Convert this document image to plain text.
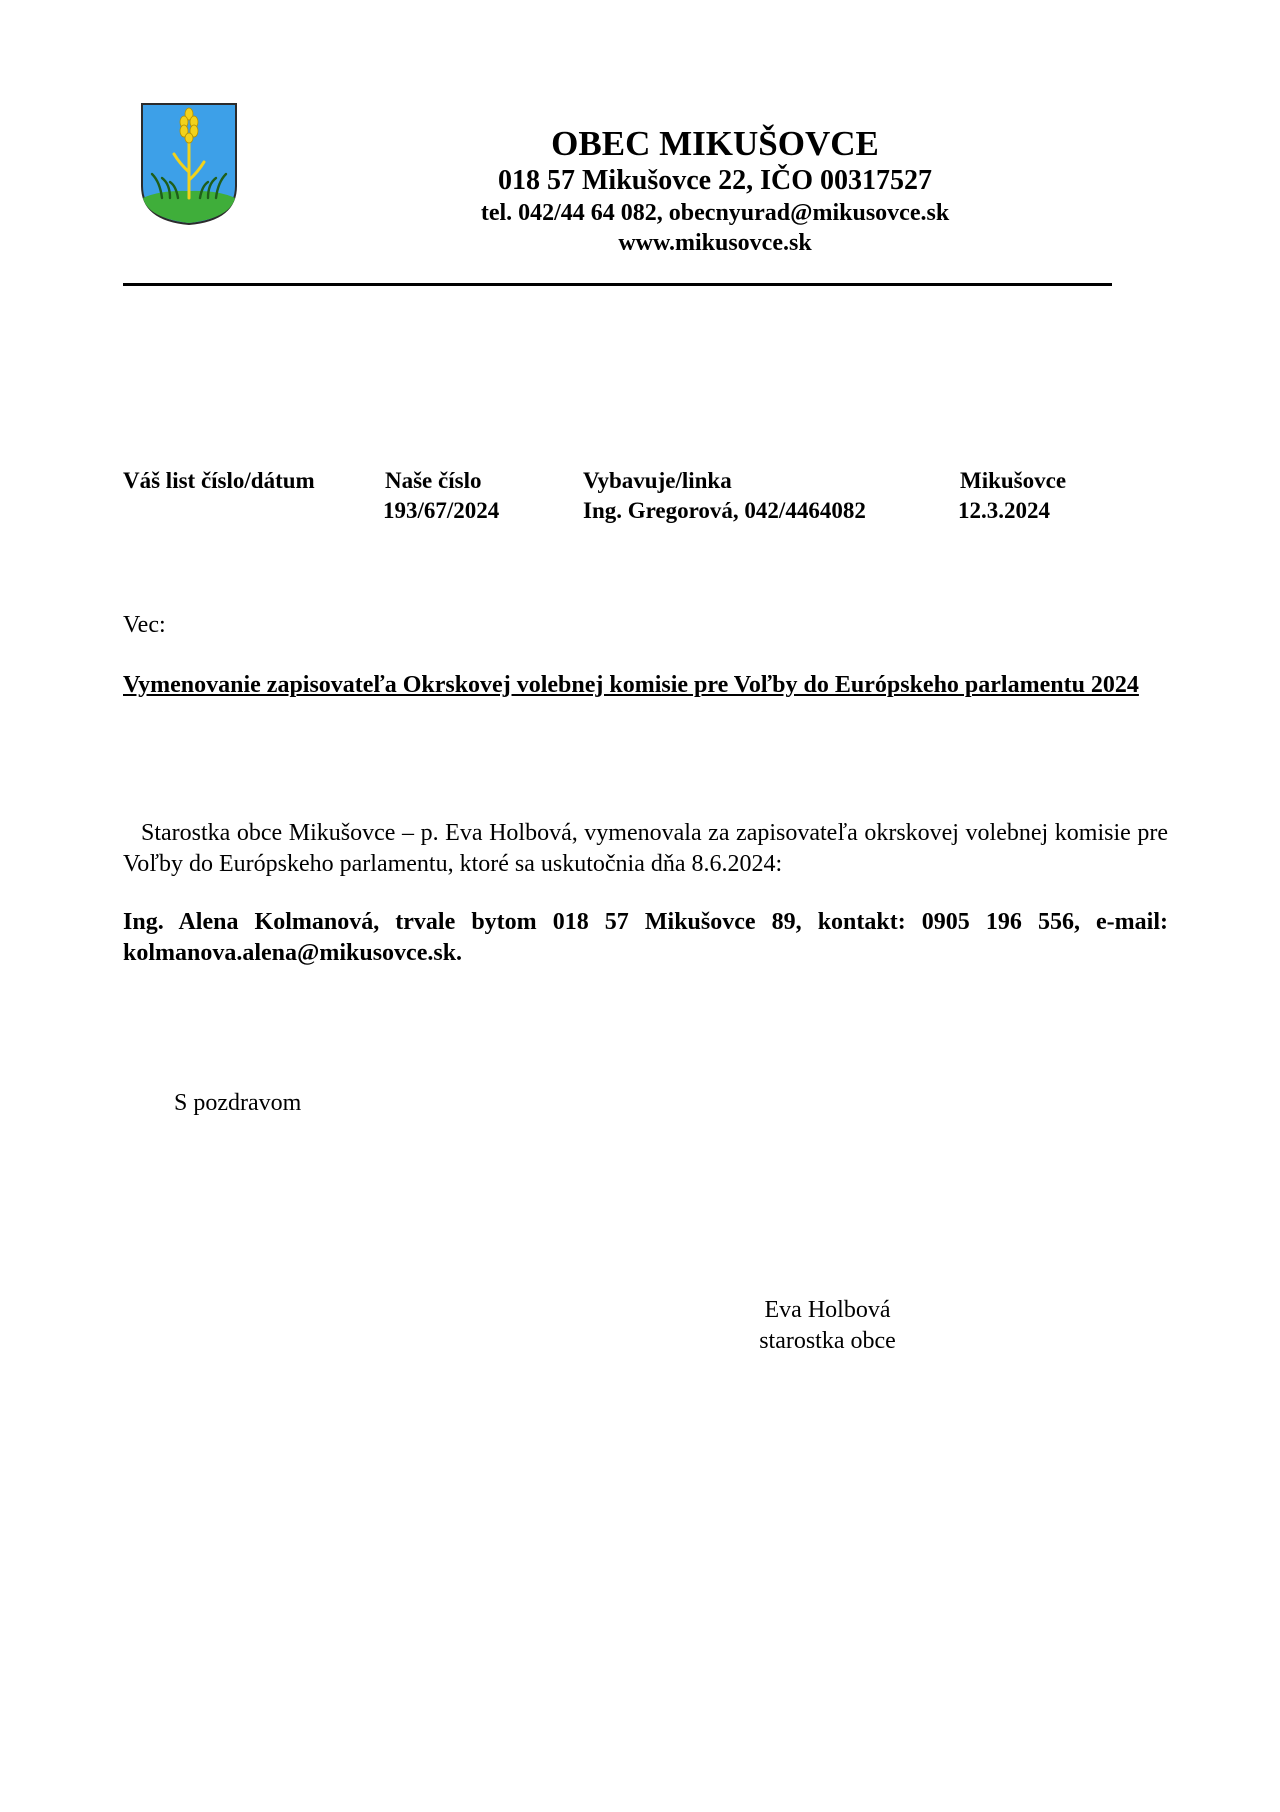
OBEC MIKUŠOVCE
018 57 Mikušovce 22, IČO 00317527
tel. 042/44 64 082, obecnyurad@mikusovce.sk
www.mikusovce.sk
Váš list číslo/dátum	Naše číslo
193/67/2024
Vybavuje/linka
Ing. Gregorová, 042/4464082
Mikušovce
12.3.2024
Vec:
Vymenovanie zapisovateľa Okrskovej volebnej komisie pre Voľby do Európskeho parlamentu 2024
Starostka obce Mikušovce – p. Eva Holbová, vymenovala za zapisovateľa okrskovej volebnej komisie pre Voľby do Európskeho parlamentu, ktoré sa uskutočnia dňa 8.6.2024:
Ing. Alena Kolmanová, trvale bytom 018 57 Mikušovce 89, kontakt: 0905 196 556, e-mail: kolmanova.alena@mikusovce.sk.
S pozdravom
Eva Holbová
starostka obce
